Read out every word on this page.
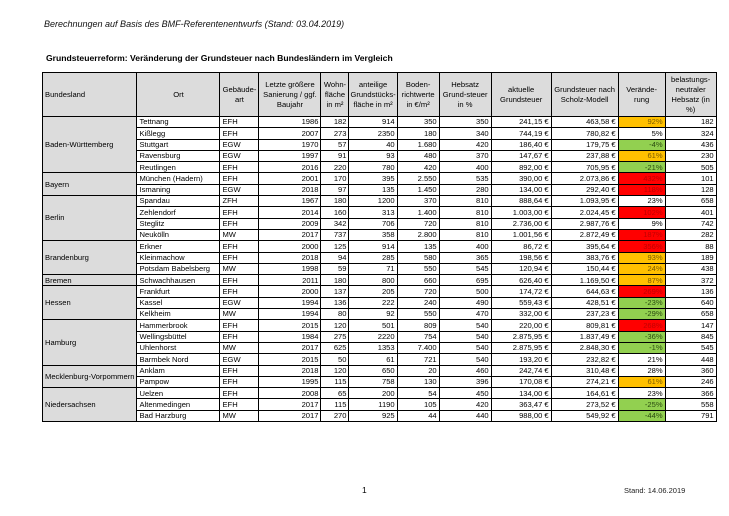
Berechnungen auf Basis des BMF-Referentenentwurfs (Stand: 03.04.2019)
Grundsteuerreform: Veränderung der Grundsteuer nach Bundesländern im Vergleich
Bundesland	Ort	Gebäude-art	Letzte größere Sanierung / ggf. Baujahr	Wohn-fläche in m²	anteilige Grundstücks-fläche in m²	Boden-richtwerte in €/m²	Hebsatz Grund-steuer in %	aktuelle Grundsteuer	Grundsteuer nach Scholz-Modell	Verände-rung	belastungs-neutraler Hebsatz (in %)
Baden-Württemberg	Tettnang	EFH	1986	182	914	350	350	241,15 €	463,58 €	92%	182
	Kißlegg	EFH	2007	273	2350	180	340	744,19 €	780,82 €	5%	324
	Stuttgart	EGW	1970	57	40	1.680	420	186,40 €	179,75 €	-4%	436
	Ravensburg	EGW	1997	91	93	480	370	147,67 €	237,88 €	61%	230
	Reutlingen	EFH	2016	220	780	420	400	892,00 €	705,95 €	-21%	505
Bayern	München (Hadern)	EFH	2001	170	395	2.550	535	390,00 €	2.073,86 €	432%	101
	Ismaning	EGW	2018	97	135	1.450	280	134,00 €	292,40 €	118%	128
Berlin	Spandau	ZFH	1967	180	1200	370	810	888,64 €	1.093,95 €	23%	658
	Zehlendorf	EFH	2014	160	313	1.400	810	1.003,00 €	2.024,45 €	102%	401
	Steglitz	EFH	2009	342	706	720	810	2.736,00 €	2.987,76 €	9%	742
	Neukölln	MW	2017	737	358	2.800	810	1.001,56 €	2.872,49 €	187%	282
Brandenburg	Erkner	EFH	2000	125	914	135	400	86,72 €	395,64 €	356%	88
	Kleinmachow	EFH	2018	94	285	580	365	198,56 €	383,76 €	93%	189
	Potsdam Babelsberg	MW	1998	59	71	550	545	120,94 €	150,44 €	24%	438
Bremen	Schwachhausen	EFH	2011	180	800	660	695	626,40 €	1.169,50 €	87%	372
Hessen	Frankfurt	EFH	2000	137	205	720	500	174,72 €	644,63 €	269%	136
	Kassel	EGW	1994	136	222	240	490	559,43 €	428,51 €	-23%	640
	Kelkheim	MW	1994	80	92	550	470	332,00 €	237,23 €	-29%	658
Hamburg	Hammerbrook	EFH	2015	120	501	809	540	220,00 €	809,81 €	268%	147
	Wellingsbüttel	EFH	1984	275	2220	754	540	2.875,95 €	1.837,49 €	-36%	845
	Uhlenhorst	MW	2017	625	1353	7.400	540	2.875,95 €	2.848,30 €	-1%	545
	Barmbek Nord	EGW	2015	50	61	721	540	193,20 €	232,82 €	21%	448
Mecklenburg-Vorpommern	Anklam	EFH	2018	120	650	20	460	242,74 €	310,48 €	28%	360
	Pampow	EFH	1995	115	758	130	396	170,08 €	274,21 €	61%	246
Niedersachsen	Uelzen	EFH	2008	65	200	54	450	134,00 €	164,61 €	23%	366
	Altenmedingen	EFH	2017	115	1190	105	420	363,47 €	273,52 €	-25%	558
	Bad Harzburg	MW	2017	270	925	44	440	988,00 €	549,92 €	-44%	791
1	Stand: 14.06.2019
